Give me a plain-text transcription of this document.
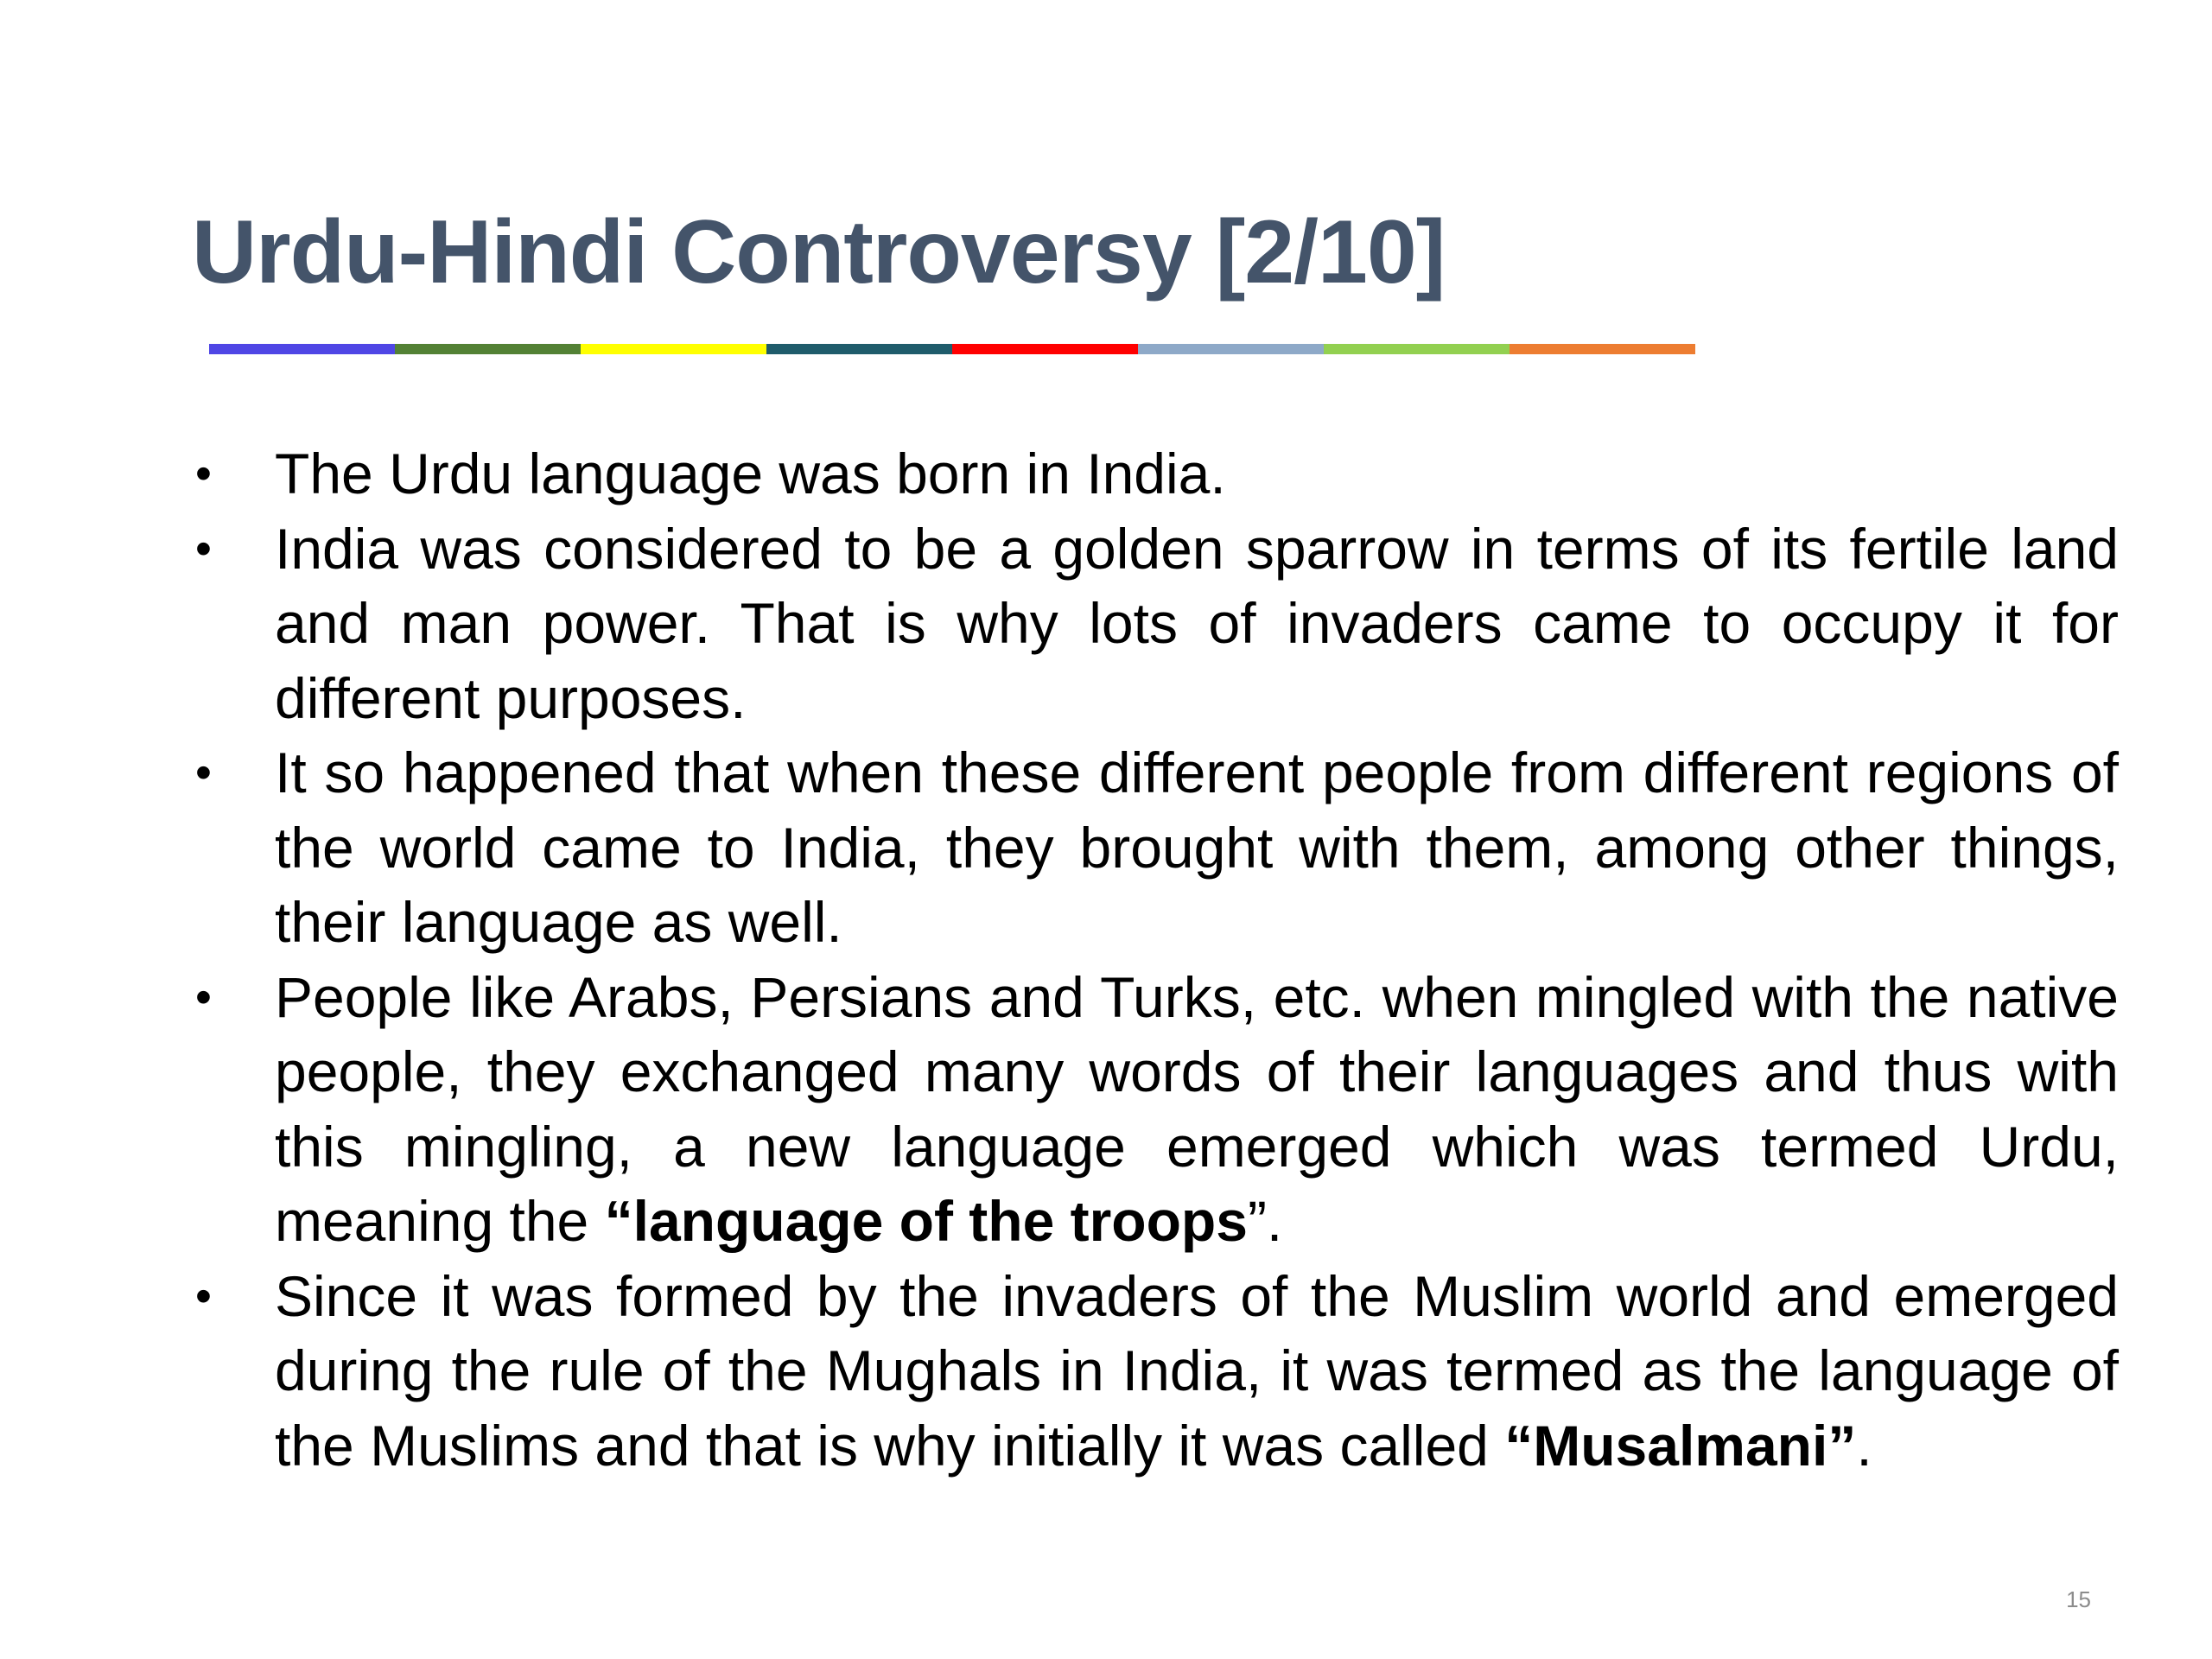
Urdu-Hindi Controversy [2/10]
•	The Urdu language was born in India.
•	India was considered to be a golden sparrow in terms of its fertile land and man power. That is why lots of invaders came to occupy it for different purposes.
•	It so happened that when these different people from different regions of the world came to India, they brought with them, among other things, their language as well.
•	People like Arabs, Persians and Turks, etc. when mingled with the native people, they exchanged many words of their languages and thus with this mingling, a new language emerged which was termed Urdu, meaning the “language of the troops”.
•	Since it was formed by the invaders of the Muslim world and emerged during the rule of the Mughals in India, it was termed as the language of the Muslims and that is why initially it was called “Musalmani”.
15
